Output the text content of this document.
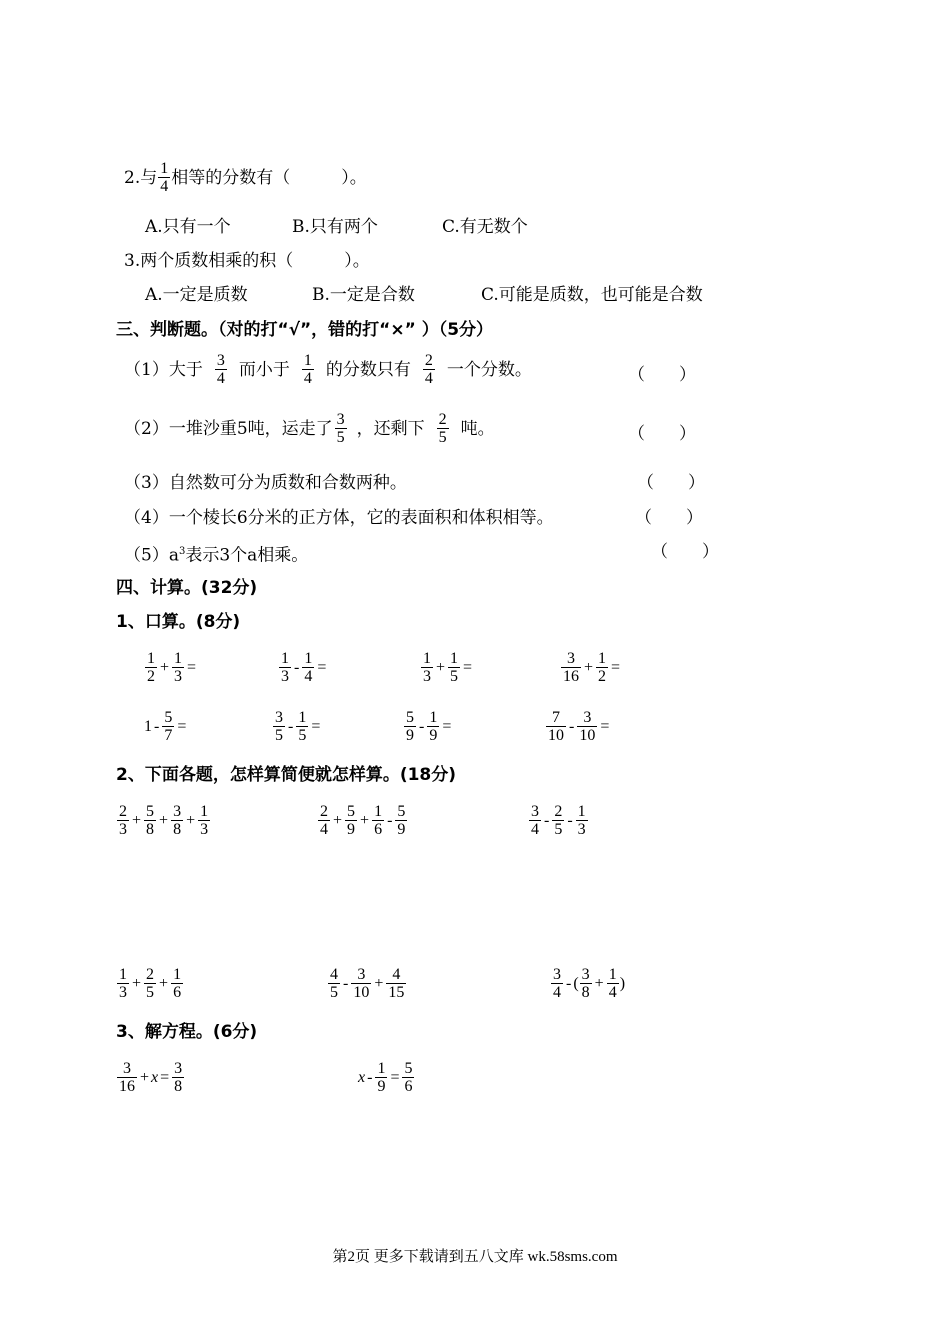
2.与 $\frac{1}{4}$ 相等的分数有（　　　）。
A.只有一个	B.只有两个	C.有无数个
3.两个质数相乘的积（　　　）。
A.一定是质数	B.一定是合数	C.可能是质数，也可能是合数
三、判断题。（对的打“√”，错的打“×” ）（5分）
（1）大于 $\frac{3}{4}$ 而小于 $\frac{1}{4}$ 的分数只有 $\frac{2}{4}$ 一个分数。	（　　）
（2）一堆沙重5吨，运走了 $\frac{3}{5}$ ，还剩下 $\frac{2}{5}$ 吨。	（　　）
（3）自然数可分为质数和合数两种。	（　　）
（4）一个棱长6分米的正方体，它的表面积和体积相等。	（　　）
$(5)a^3$表示3个a相乘。	（　　）
四、计算。(32分)
1、口算。(8分)
$\frac{1}{2} + \frac{1}{3}$ =	$\frac{1}{3} - \frac{1}{4}$ =	$\frac{1}{3} + \frac{1}{5}$ =	$\frac{3}{16} + \frac{1}{2}$ =
$1 - \frac{5}{7}$ =	$\frac{3}{5} - \frac{1}{5}$ =	$\frac{5}{9} - \frac{1}{9}$ =	$\frac{7}{10} - \frac{3}{10}$ =
2、下面各题，怎样算简便就怎样算。(18分)
$\frac{2}{3} + \frac{5}{8} + \frac{3}{8} + \frac{1}{3}$	$\frac{2}{4} + \frac{5}{9} + \frac{1}{6} - \frac{5}{9}$	$\frac{3}{4} - \frac{2}{5} - \frac{1}{3}$
$\frac{1}{3} + \frac{2}{5} + \frac{1}{6}$	$\frac{4}{5} - \frac{3}{10} + \frac{4}{15}$	$\frac{3}{4}$ - ( $\frac{3}{8} + \frac{1}{4}$ )
3、解方程。(6分)
$\frac{3}{16} + x = \frac{3}{8}$	$x - \frac{1}{9} = \frac{5}{6}$
第2页 更多下载请到五八文库 wk.58sms.com
